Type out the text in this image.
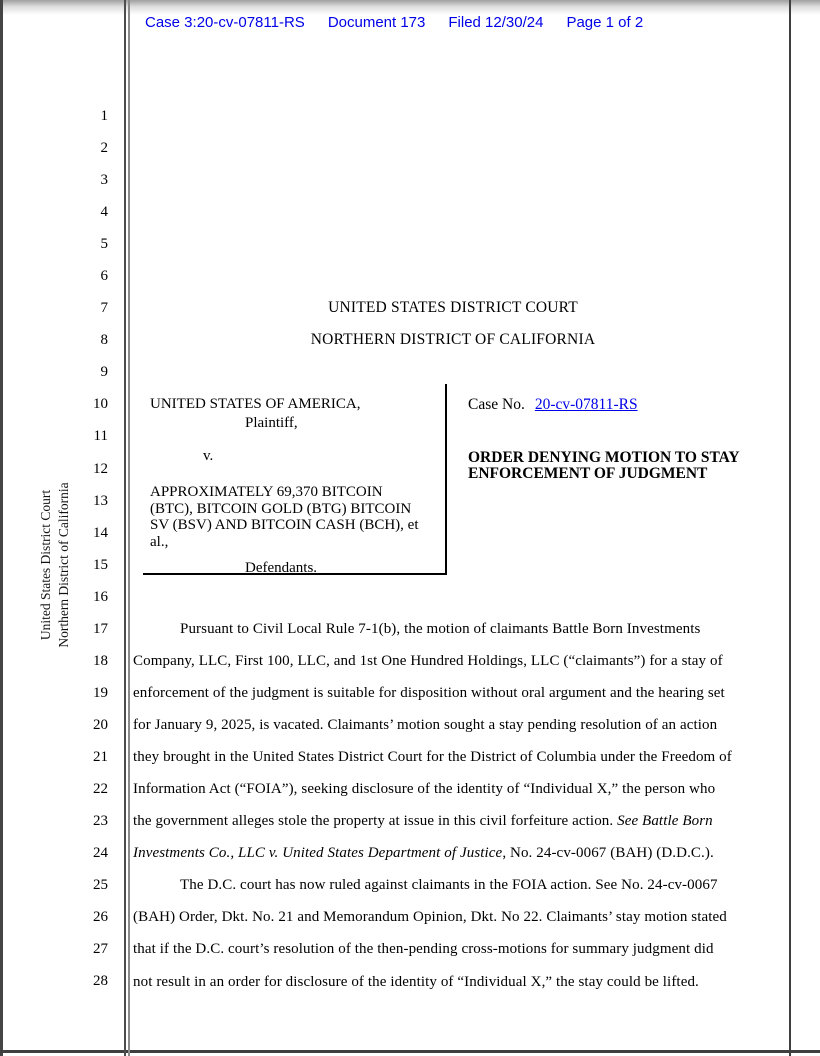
Case 3:20-cv-07811-RS Document 173 Filed 12/30/24 Page 1 of 2
United States District Court Northern District of California
1
2
3
4
5
6
7
8
9
10
11
12
13
14
15
16
17
18
19
20
21
22
23
24
25
26
27
28
UNITED STATES DISTRICT COURT
NORTHERN DISTRICT OF CALIFORNIA
UNITED STATES OF AMERICA,
Plaintiff,
v.
APPROXIMATELY 69,370 BITCOIN
(BTC), BITCOIN GOLD (BTG) BITCOIN
SV (BSV) AND BITCOIN CASH (BCH), et
al.,
Defendants.
Case No. 20-cv-07811-RS
ORDER DENYING MOTION TO STAY
ENFORCEMENT OF JUDGMENT
Pursuant to Civil Local Rule 7-1(b), the motion of claimants Battle Born Investments
Company, LLC, First 100, LLC, and 1st One Hundred Holdings, LLC (“claimants”) for a stay of
enforcement of the judgment is suitable for disposition without oral argument and the hearing set
for January 9, 2025, is vacated. Claimants’ motion sought a stay pending resolution of an action
they brought in the United States District Court for the District of Columbia under the Freedom of
Information Act (“FOIA”), seeking disclosure of the identity of “Individual X,” the person who
the government alleges stole the property at issue in this civil forfeiture action. See Battle Born
Investments Co., LLC v. United States Department of Justice, No. 24-cv-0067 (BAH) (D.D.C.).
The D.C. court has now ruled against claimants in the FOIA action. See No. 24-cv-0067
(BAH) Order, Dkt. No. 21 and Memorandum Opinion, Dkt. No 22. Claimants’ stay motion stated
that if the D.C. court’s resolution of the then-pending cross-motions for summary judgment did
not result in an order for disclosure of the identity of “Individual X,” the stay could be lifted.
